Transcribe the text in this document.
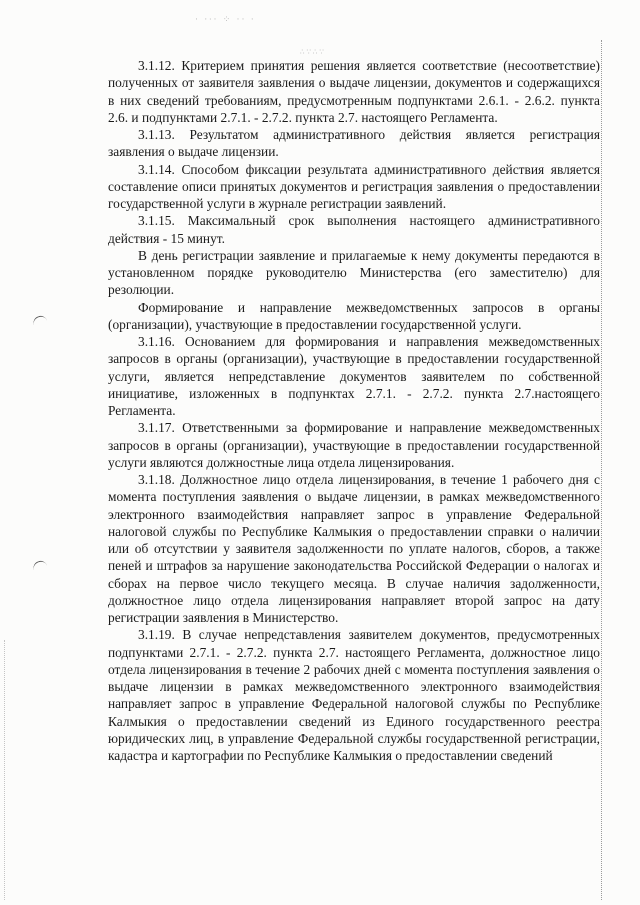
· ·∙· ⁘ ·· ·
∴∵∴∵

3.1.12. Критерием принятия решения является соответствие (несоответствие) полученных от заявителя заявления о выдаче лицензии, документов и содержащихся в них сведений требованиям, предусмотренным подпунктами 2.6.1. - 2.6.2. пункта 2.6. и подпунктами 2.7.1. - 2.7.2. пункта 2.7. настоящего Регламента.

3.1.13. Результатом административного действия является регистрация заявления о выдаче лицензии.

3.1.14. Способом фиксации результата административного действия является составление описи принятых документов и регистрация заявления о предоставлении государственной услуги в журнале регистрации заявлений.

3.1.15. Максимальный срок выполнения настоящего административного действия - 15 минут.

В день регистрации заявление и прилагаемые к нему документы передаются в установленном порядке руководителю Министерства (его заместителю) для резолюции.

Формирование и направление межведомственных запросов в органы (организации), участвующие в предоставлении государственной услуги.

3.1.16. Основанием для формирования и направления межведомственных запросов в органы (организации), участвующие в предоставлении государственной услуги, является непредставление документов заявителем по собственной инициативе, изложенных в подпунктах 2.7.1. - 2.7.2. пункта 2.7.настоящего Регламента.

3.1.17. Ответственными за формирование и направление межведомственных запросов в органы (организации), участвующие в предоставлении государственной услуги являются должностные лица отдела лицензирования.

3.1.18. Должностное лицо отдела лицензирования, в течение 1 рабочего дня с момента поступления заявления о выдаче лицензии, в рамках межведомственного электронного взаимодействия направляет запрос в управление Федеральной налоговой службы по Республике Калмыкия о предоставлении справки о наличии или об отсутствии у заявителя задолженности по уплате налогов, сборов, а также пеней и штрафов за нарушение законодательства Российской Федерации о налогах и сборах на первое число текущего месяца. В случае наличия задолженности, должностное лицо отдела лицензирования направляет второй запрос на дату регистрации заявления в Министерство.

3.1.19. В случае непредставления заявителем документов, предусмотренных подпунктами 2.7.1. - 2.7.2. пункта 2.7. настоящего Регламента, должностное лицо отдела лицензирования в течение 2 рабочих дней с момента поступления заявления о выдаче лицензии в рамках межведомственного электронного взаимодействия направляет запрос в управление Федеральной налоговой службы по Республике Калмыкия о предоставлении сведений из Единого государственного реестра юридических лиц, в управление Федеральной службы государственной регистрации, кадастра и картографии по Республике Калмыкия о предоставлении сведений
